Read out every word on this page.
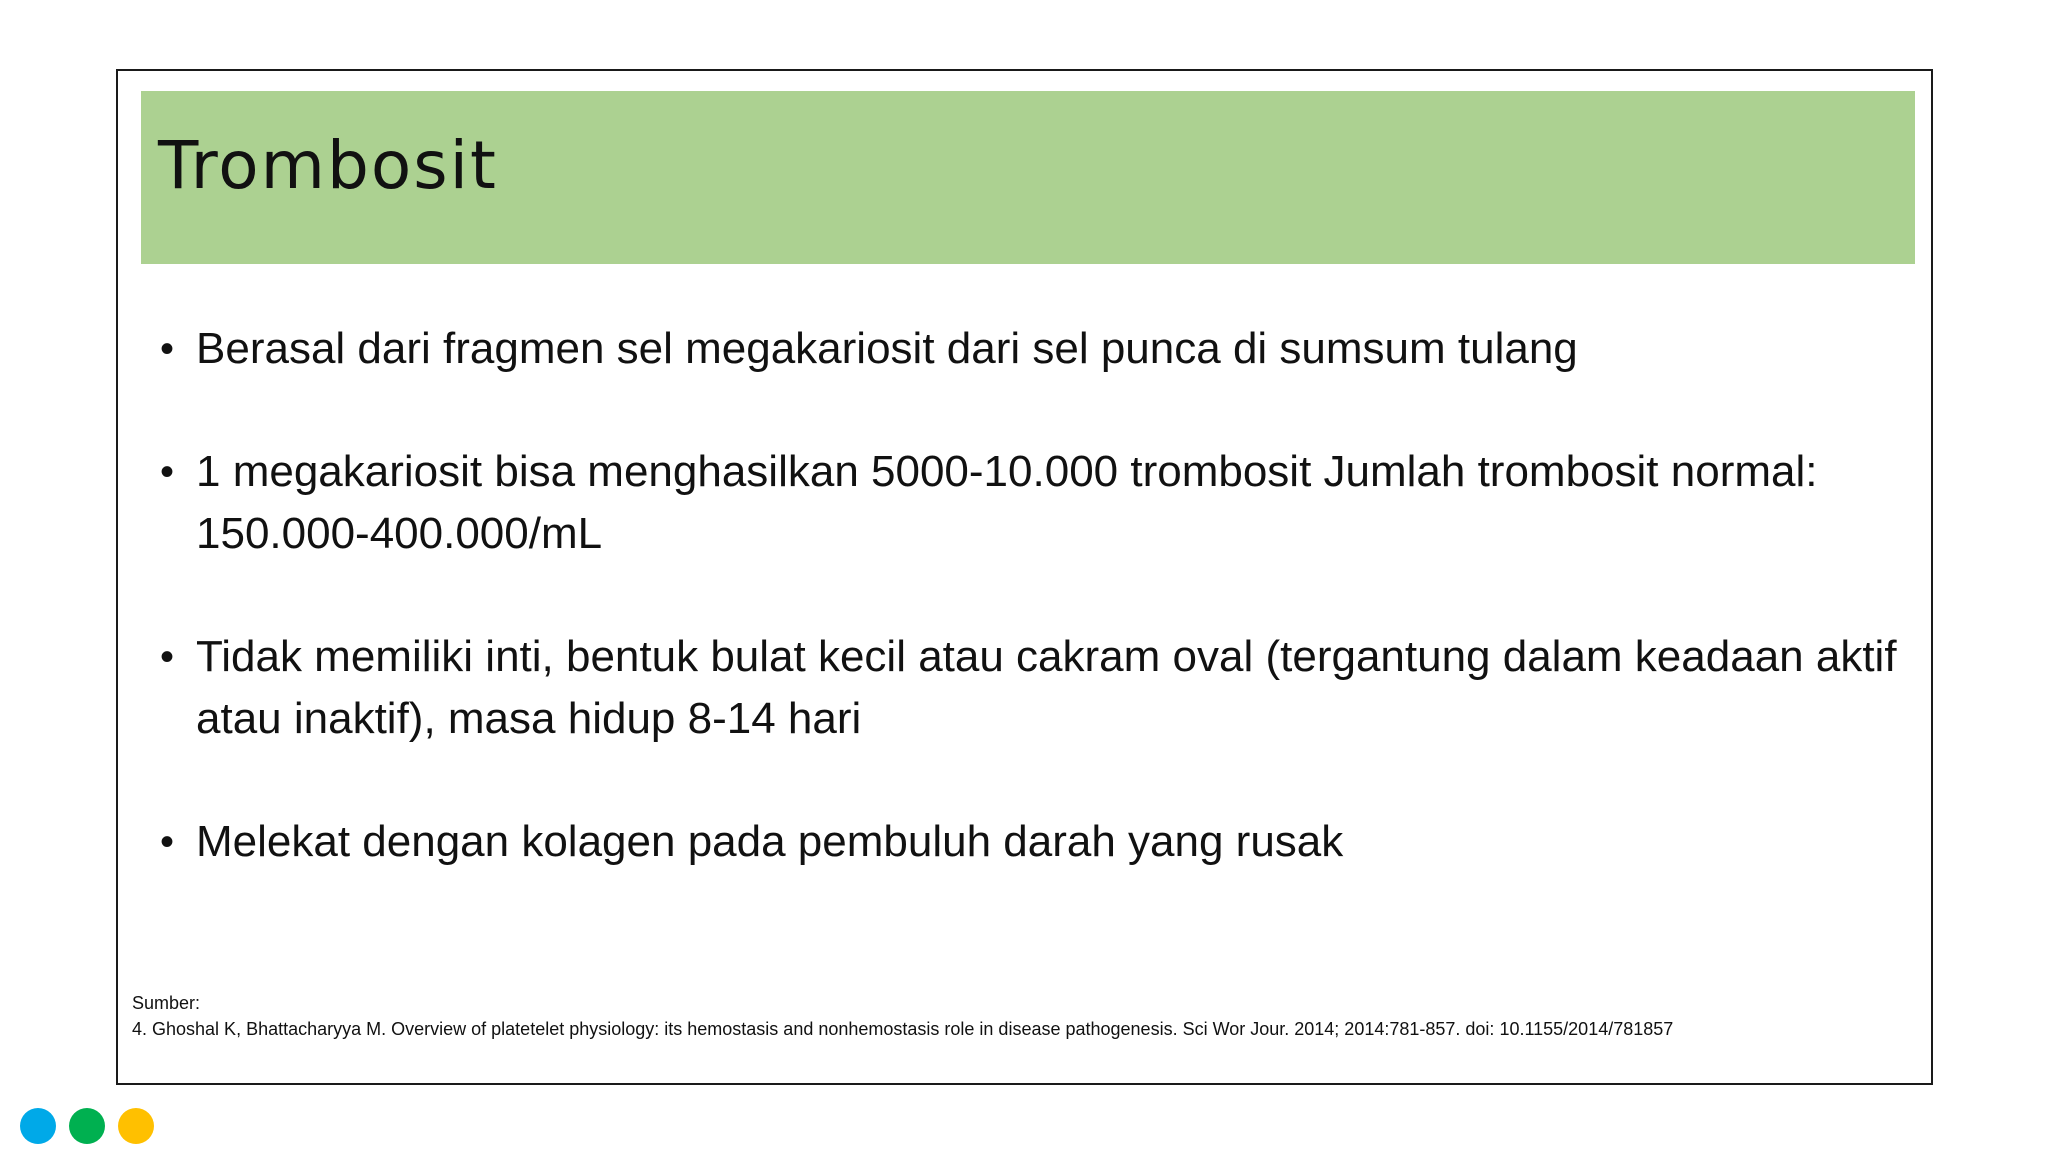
Trombosit
• Berasal dari fragmen sel megakariosit dari sel punca di sumsum tulang
• 1 megakariosit bisa menghasilkan 5000-10.000 trombosit Jumlah trombosit normal: 150.000-400.000/mL
• Tidak memiliki inti, bentuk bulat kecil atau cakram oval (tergantung dalam keadaan aktif atau inaktif), masa hidup 8-14 hari
• Melekat dengan kolagen pada pembuluh darah yang rusak
Sumber:
4. Ghoshal K, Bhattacharyya M. Overview of platetelet physiology: its hemostasis and nonhemostasis role in disease pathogenesis. Sci Wor Jour. 2014; 2014:781-857. doi: 10.1155/2014/781857
